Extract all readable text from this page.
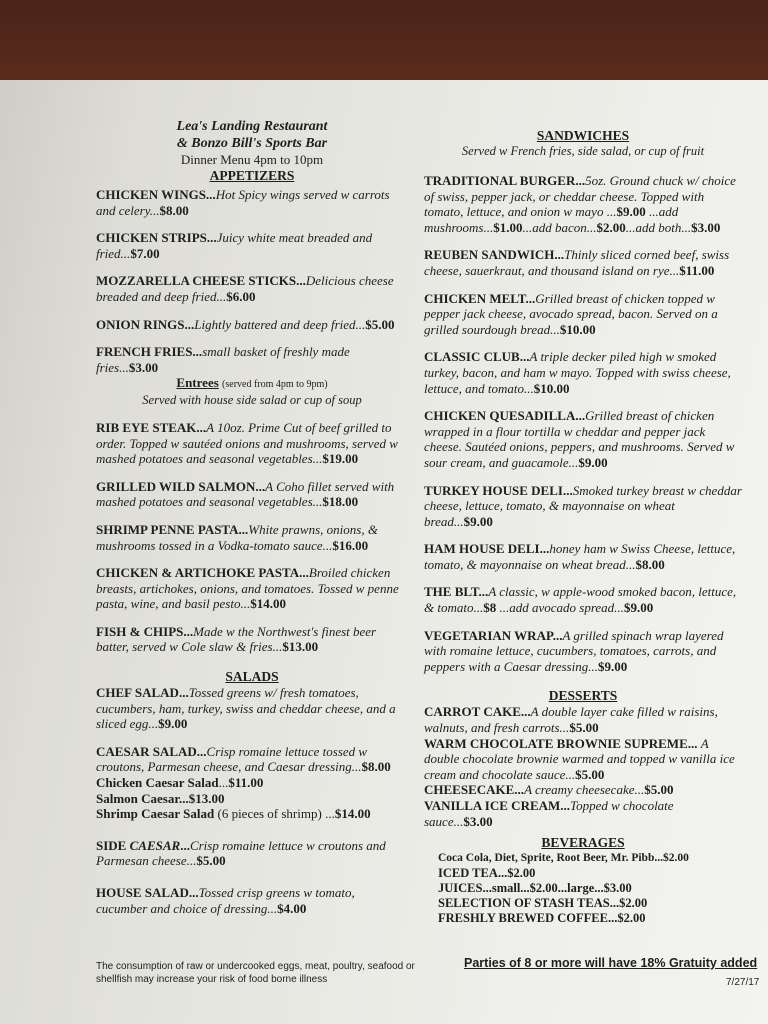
Lea's Landing Restaurant
& Bonzo Bill's Sports Bar
Dinner Menu 4pm to 10pm
APPETIZERS
CHICKEN WINGS...Hot Spicy wings served w carrots and celery...$8.00
CHICKEN STRIPS...Juicy white meat breaded and fried...$7.00
MOZZARELLA CHEESE STICKS...Delicious cheese breaded and deep fried...$6.00
ONION RINGS...Lightly battered and deep fried...$5.00
FRENCH FRIES...small basket of freshly made fries...$3.00
Entrees (served from 4pm to 9pm)
Served with house side salad or cup of soup
RIB EYE STEAK...A 10oz. Prime Cut of beef grilled to order. Topped w sautéed onions and mushrooms, served w mashed potatoes and seasonal vegetables...$19.00
GRILLED WILD SALMON...A Coho fillet served with mashed potatoes and seasonal vegetables...$18.00
SHRIMP PENNE PASTA...White prawns, onions, & mushrooms tossed in a Vodka-tomato sauce...$16.00
CHICKEN & ARTICHOKE PASTA...Broiled chicken breasts, artichokes, onions, and tomatoes. Tossed w penne pasta, wine, and basil pesto...$14.00
FISH & CHIPS...Made w the Northwest's finest beer batter, served w Cole slaw & fries...$13.00
SALADS
CHEF SALAD...Tossed greens w/ fresh tomatoes, cucumbers, ham, turkey, swiss and cheddar cheese, and a sliced egg...$9.00
CAESAR SALAD...Crisp romaine lettuce tossed w croutons, Parmesan cheese, and Caesar dressing...$8.00
Chicken Caesar Salad...$11.00
Salmon Caesar...$13.00
Shrimp Caesar Salad (6 pieces of shrimp) ...$14.00
SIDE CAESAR...Crisp romaine lettuce w croutons and Parmesan cheese...$5.00
HOUSE SALAD...Tossed crisp greens w tomato, cucumber and choice of dressing...$4.00
SANDWICHES
Served w French fries, side salad, or cup of fruit
TRADITIONAL BURGER...5oz. Ground chuck w/ choice of swiss, pepper jack, or cheddar cheese. Topped with tomato, lettuce, and onion w mayo ...$9.00 ...add mushrooms...$1.00...add bacon...$2.00...add both...$3.00
REUBEN SANDWICH...Thinly sliced corned beef, swiss cheese, sauerkraut, and thousand island on rye...$11.00
CHICKEN MELT...Grilled breast of chicken topped w pepper jack cheese, avocado spread, bacon. Served on a grilled sourdough bread...$10.00
CLASSIC CLUB...A triple decker piled high w smoked turkey, bacon, and ham w mayo. Topped with swiss cheese, lettuce, and tomato...$10.00
CHICKEN QUESADILLA...Grilled breast of chicken wrapped in a flour tortilla w cheddar and pepper jack cheese. Sautéed onions, peppers, and mushrooms. Served w sour cream, and guacamole...$9.00
TURKEY HOUSE DELI...Smoked turkey breast w cheddar cheese, lettuce, tomato, & mayonnaise on wheat bread...$9.00
HAM HOUSE DELI...honey ham w Swiss Cheese, lettuce, tomato, & mayonnaise on wheat bread...$8.00
THE BLT...A classic, w apple-wood smoked bacon, lettuce, & tomato...$8 ...add avocado spread...$9.00
VEGETARIAN WRAP...A grilled spinach wrap layered with romaine lettuce, cucumbers, tomatoes, carrots, and peppers with a Caesar dressing...$9.00
DESSERTS
CARROT CAKE...A double layer cake filled w raisins, walnuts, and fresh carrots...$5.00
WARM CHOCOLATE BROWNIE SUPREME... A double chocolate brownie warmed and topped w vanilla ice cream and chocolate sauce...$5.00
CHEESECAKE...A creamy cheesecake...$5.00
VANILLA ICE CREAM...Topped w chocolate sauce...$3.00
BEVERAGES
Coca Cola, Diet, Sprite, Root Beer, Mr. Pibb...$2.00
ICED TEA...$2.00
JUICES...small...$2.00...large...$3.00
SELECTION OF STASH TEAS...$2.00
FRESHLY BREWED COFFEE...$2.00
The consumption of raw or undercooked eggs, meat, poultry, seafood or shellfish may increase your risk of food borne illness
Parties of 8 or more will have 18% Gratuity added
7/27/17
